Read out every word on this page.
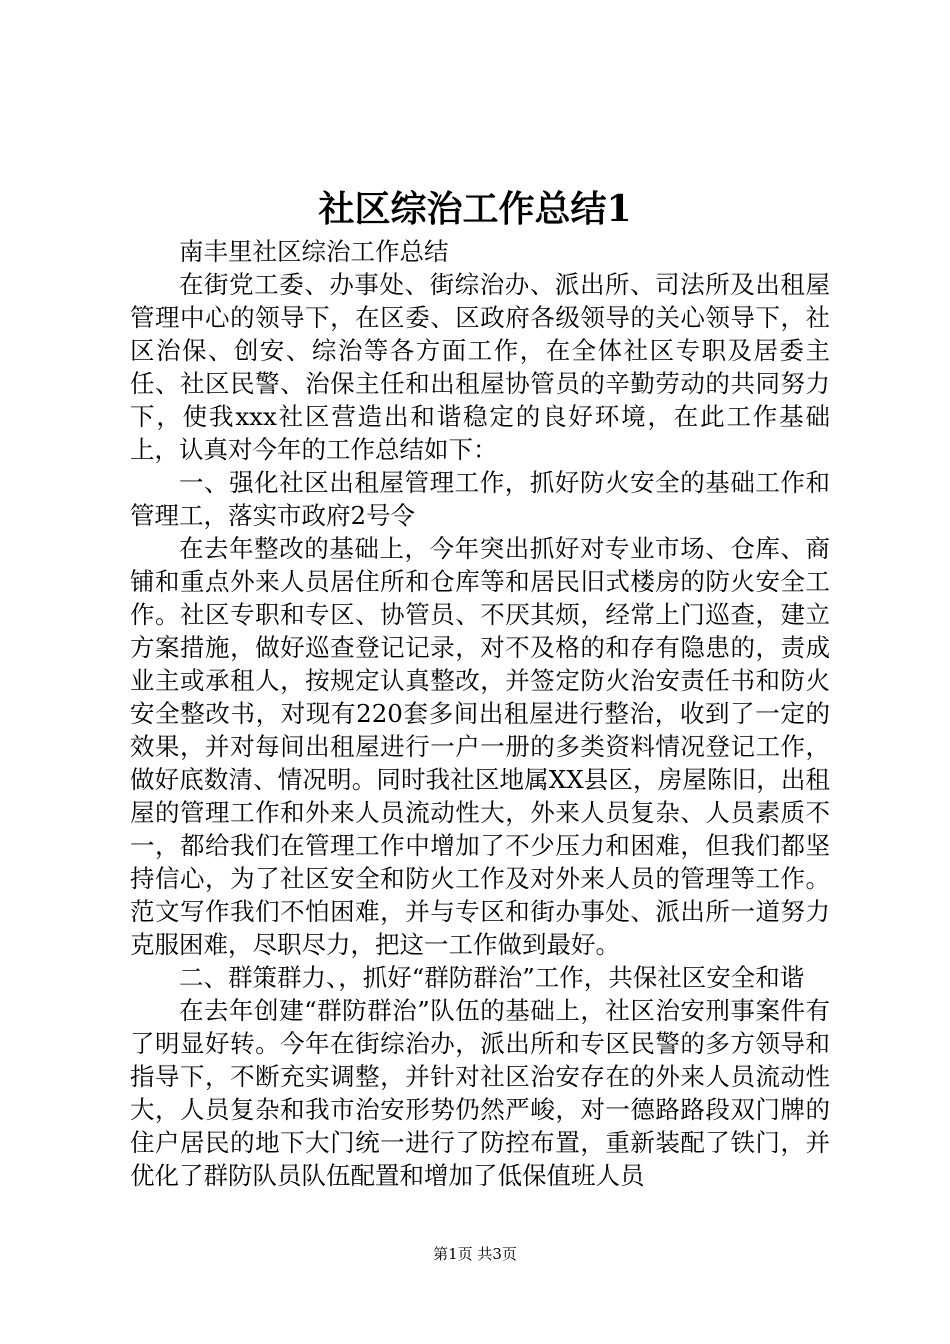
社区综治工作总结1

南丰里社区综治工作总结

在街党工委、办事处、街综治办、派出所、司法所及出租屋管理中心的领导下，在区委、区政府各级领导的关心领导下，社区治保、创安、综治等各方面工作，在全体社区专职及居委主任、社区民警、治保主任和出租屋协管员的辛勤劳动的共同努力下，使我xxx社区营造出和谐稳定的良好环境，在此工作基础上，认真对今年的工作总结如下：

一、强化社区出租屋管理工作，抓好防火安全的基础工作和管理工，落实市政府2号令

在去年整改的基础上，今年突出抓好对专业市场、仓库、商铺和重点外来人员居住所和仓库等和居民旧式楼房的防火安全工作。社区专职和专区、协管员、不厌其烦，经常上门巡查，建立方案措施，做好巡查登记记录，对不及格的和存有隐患的，责成业主或承租人，按规定认真整改，并签定防火治安责任书和防火安全整改书，对现有220套多间出租屋进行整治，收到了一定的效果，并对每间出租屋进行一户一册的多类资料情况登记工作，做好底数清、情况明。同时我社区地属XX县区，房屋陈旧，出租屋的管理工作和外来人员流动性大，外来人员复杂、人员素质不一，都给我们在管理工作中增加了不少压力和困难，但我们都坚持信心，为了社区安全和防火工作及对外来人员的管理等工作。范文写作我们不怕困难，并与专区和街办事处、派出所一道努力克服困难，尽职尽力，把这一工作做到最好。

二、群策群力、，抓好“群防群治”工作，共保社区安全和谐

在去年创建“群防群治”队伍的基础上，社区治安刑事案件有了明显好转。今年在街综治办，派出所和专区民警的多方领导和指导下，不断充实调整，并针对社区治安存在的外来人员流动性大，人员复杂和我市治安形势仍然严峻，对一德路路段双门牌的住户居民的地下大门统一进行了防控布置，重新装配了铁门，并优化了群防队员队伍配置和增加了低保值班人员

第1页 共3页
